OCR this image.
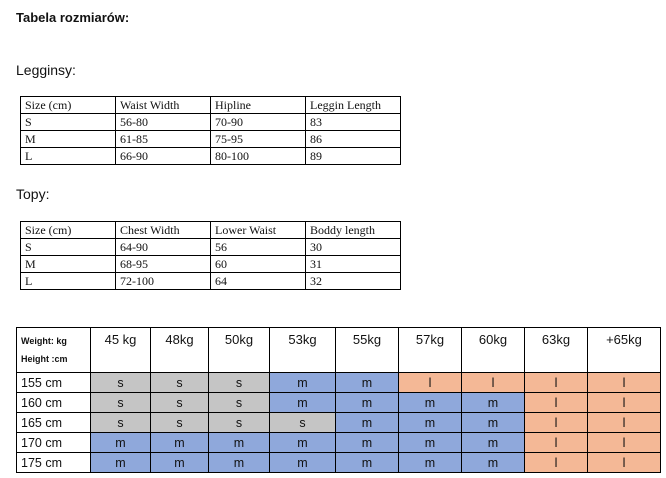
Tabela rozmiarów:
Legginsy:
Size (cm)	Waist Width	Hipline	Leggin Length
S	56-80	70-90	83
M	61-85	75-95	86
L	66-90	80-100	89
Topy:
Size (cm)	Chest Width	Lower Waist	Boddy length
S	64-90	56	30
M	68-95	60	31
L	72-100	64	32
Weight: kg
Height :cm	45 kg	48kg	50kg	53kg	55kg	57kg	60kg	63kg	+65kg
155 cm	s	s	s	m	m	l	l	l	l
160 cm	s	s	s	m	m	m	m	l	l
165 cm	s	s	s	s	m	m	m	l	l
170 cm	m	m	m	m	m	m	m	l	l
175 cm	m	m	m	m	m	m	m	l	l
